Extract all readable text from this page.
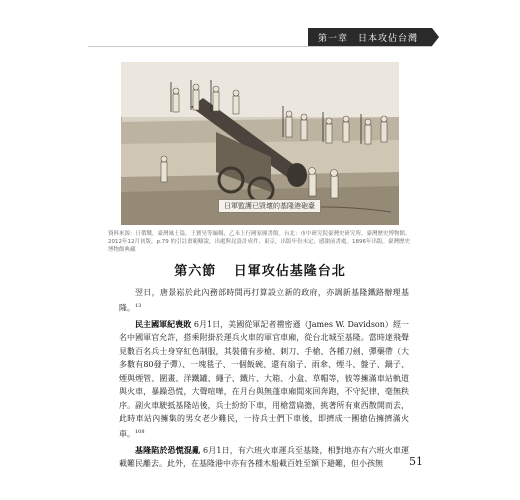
第一章　日本攻佔台灣
日軍監護已毀壞的基隆港砲臺

資料來源：日俄戰，臺灣風土篇，王寶昊等編輯，乙未上行國家圖書館。台北：市中研究院臺灣史研究所。臺灣歷史博物館。

2012年12月初版，p.79 的引註畫範疇說，出處與昆設計成件，東京，出版年份未定，感謝前書處。1896年出版。臺灣歷史博物館典藏

第六節 日軍攻佔基隆台北

翌日，唐景崧於此內務部時間再打算設立新的政府，亦調新基隆鐵路辦理基隆。$^{13}$

民主國軍紀喪敗 6月1日，美國從軍記者禮密遜（James W. Davidson）經一名中國軍官允許，搭乘附掛於運兵火車的軍官車廂，從台北城至基隆。當時達飛聲見數百名兵士身穿紅色制服，其裝備有步槍、刺刀、手槍、各種刀劍、彈藥帶（大多數有80發子彈）、一塊毯子、一個飯碗、還有扇子、雨傘、煙斗、盤子、鍋子、煙與煙管、圍畫、洋鐵罐、繩子、鐵片、大箱、小盒、草帽等，彼等擁滿車站軌道與火車，暴躁恐慌，大聲喧嘩，在月台與無蓬車廂間來回奔跑，不守紀律，毫無秩序。副火車駛抵基隆站後，兵士紛紛下車，用槍當扁擔，挑著所有東西散開而去，此時車站內擁集的男女老少難民，一待兵士們下車後，即擠成一團搶佔擁擠滿火車。$^{108}$

基隆陷於恐慌混亂 6月1日，有六班火車運兵至基隆，相對地亦有六班火車運載難民離去。此外，在基隆港中亦有各種木船載百姓至額下避難，但小孩無	51
